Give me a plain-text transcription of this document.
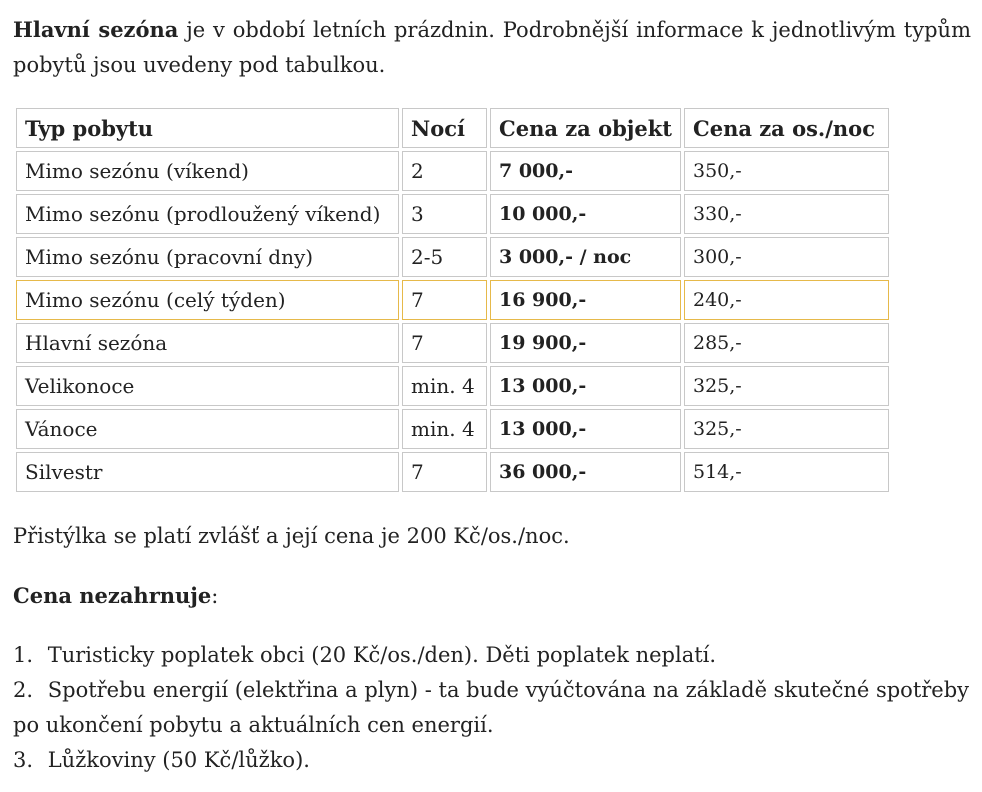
Hlavní sezóna je v období letních prázdnin. Podrobnější informace k jednotlivým typům pobytů jsou uvedeny pod tabulkou.

Typ pobytu	Nocí	Cena za objekt	Cena za os./noc
Mimo sezónu (víkend)	2	7 000,-	350,-
Mimo sezónu (prodloužený víkend)	3	10 000,-	330,-
Mimo sezónu (pracovní dny)	2-5	3 000,- / noc	300,-
Mimo sezónu (celý týden)	7	16 900,-	240,-
Hlavní sezóna	7	19 900,-	285,-
Velikonoce	min. 4	13 000,-	325,-
Vánoce	min. 4	13 000,-	325,-
Silvestr	7	36 000,-	514,-

Přistýlka se platí zvlášť a její cena je 200 Kč/os./noc.

Cena nezahrnuje:

1. Turisticky poplatek obci (20 Kč/os./den). Děti poplatek neplatí.
2. Spotřebu energií (elektřina a plyn) - ta bude vyúčtována na základě skutečné spotřeby po ukončení pobytu a aktuálních cen energií.
3. Lůžkoviny (50 Kč/lůžko).
